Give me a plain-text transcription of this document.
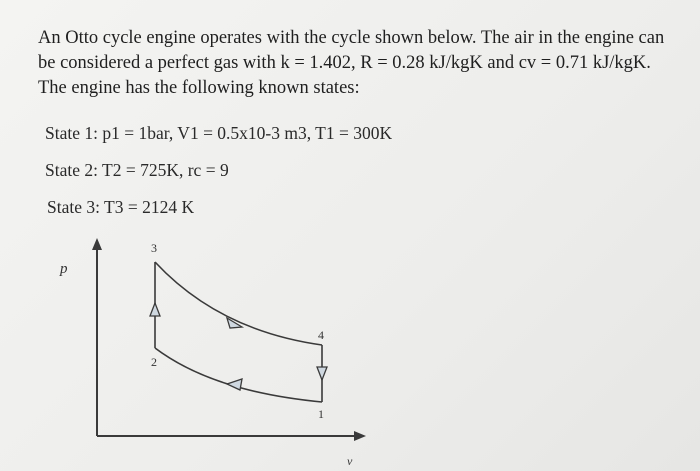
An Otto cycle engine operates with the cycle shown below. The air in the engine can be considered a perfect gas with k = 1.402, R = 0.28 kJ/kgK and cv = 0.71 kJ/kgK. The engine has the following known states:

State 1: p1 = 1bar, V1 = 0.5x10-3 m3, T1 = 300K

State 2: T2 = 725K, rc = 9

State 3: T3 = 2124 K

p
v
3
2
4
1
